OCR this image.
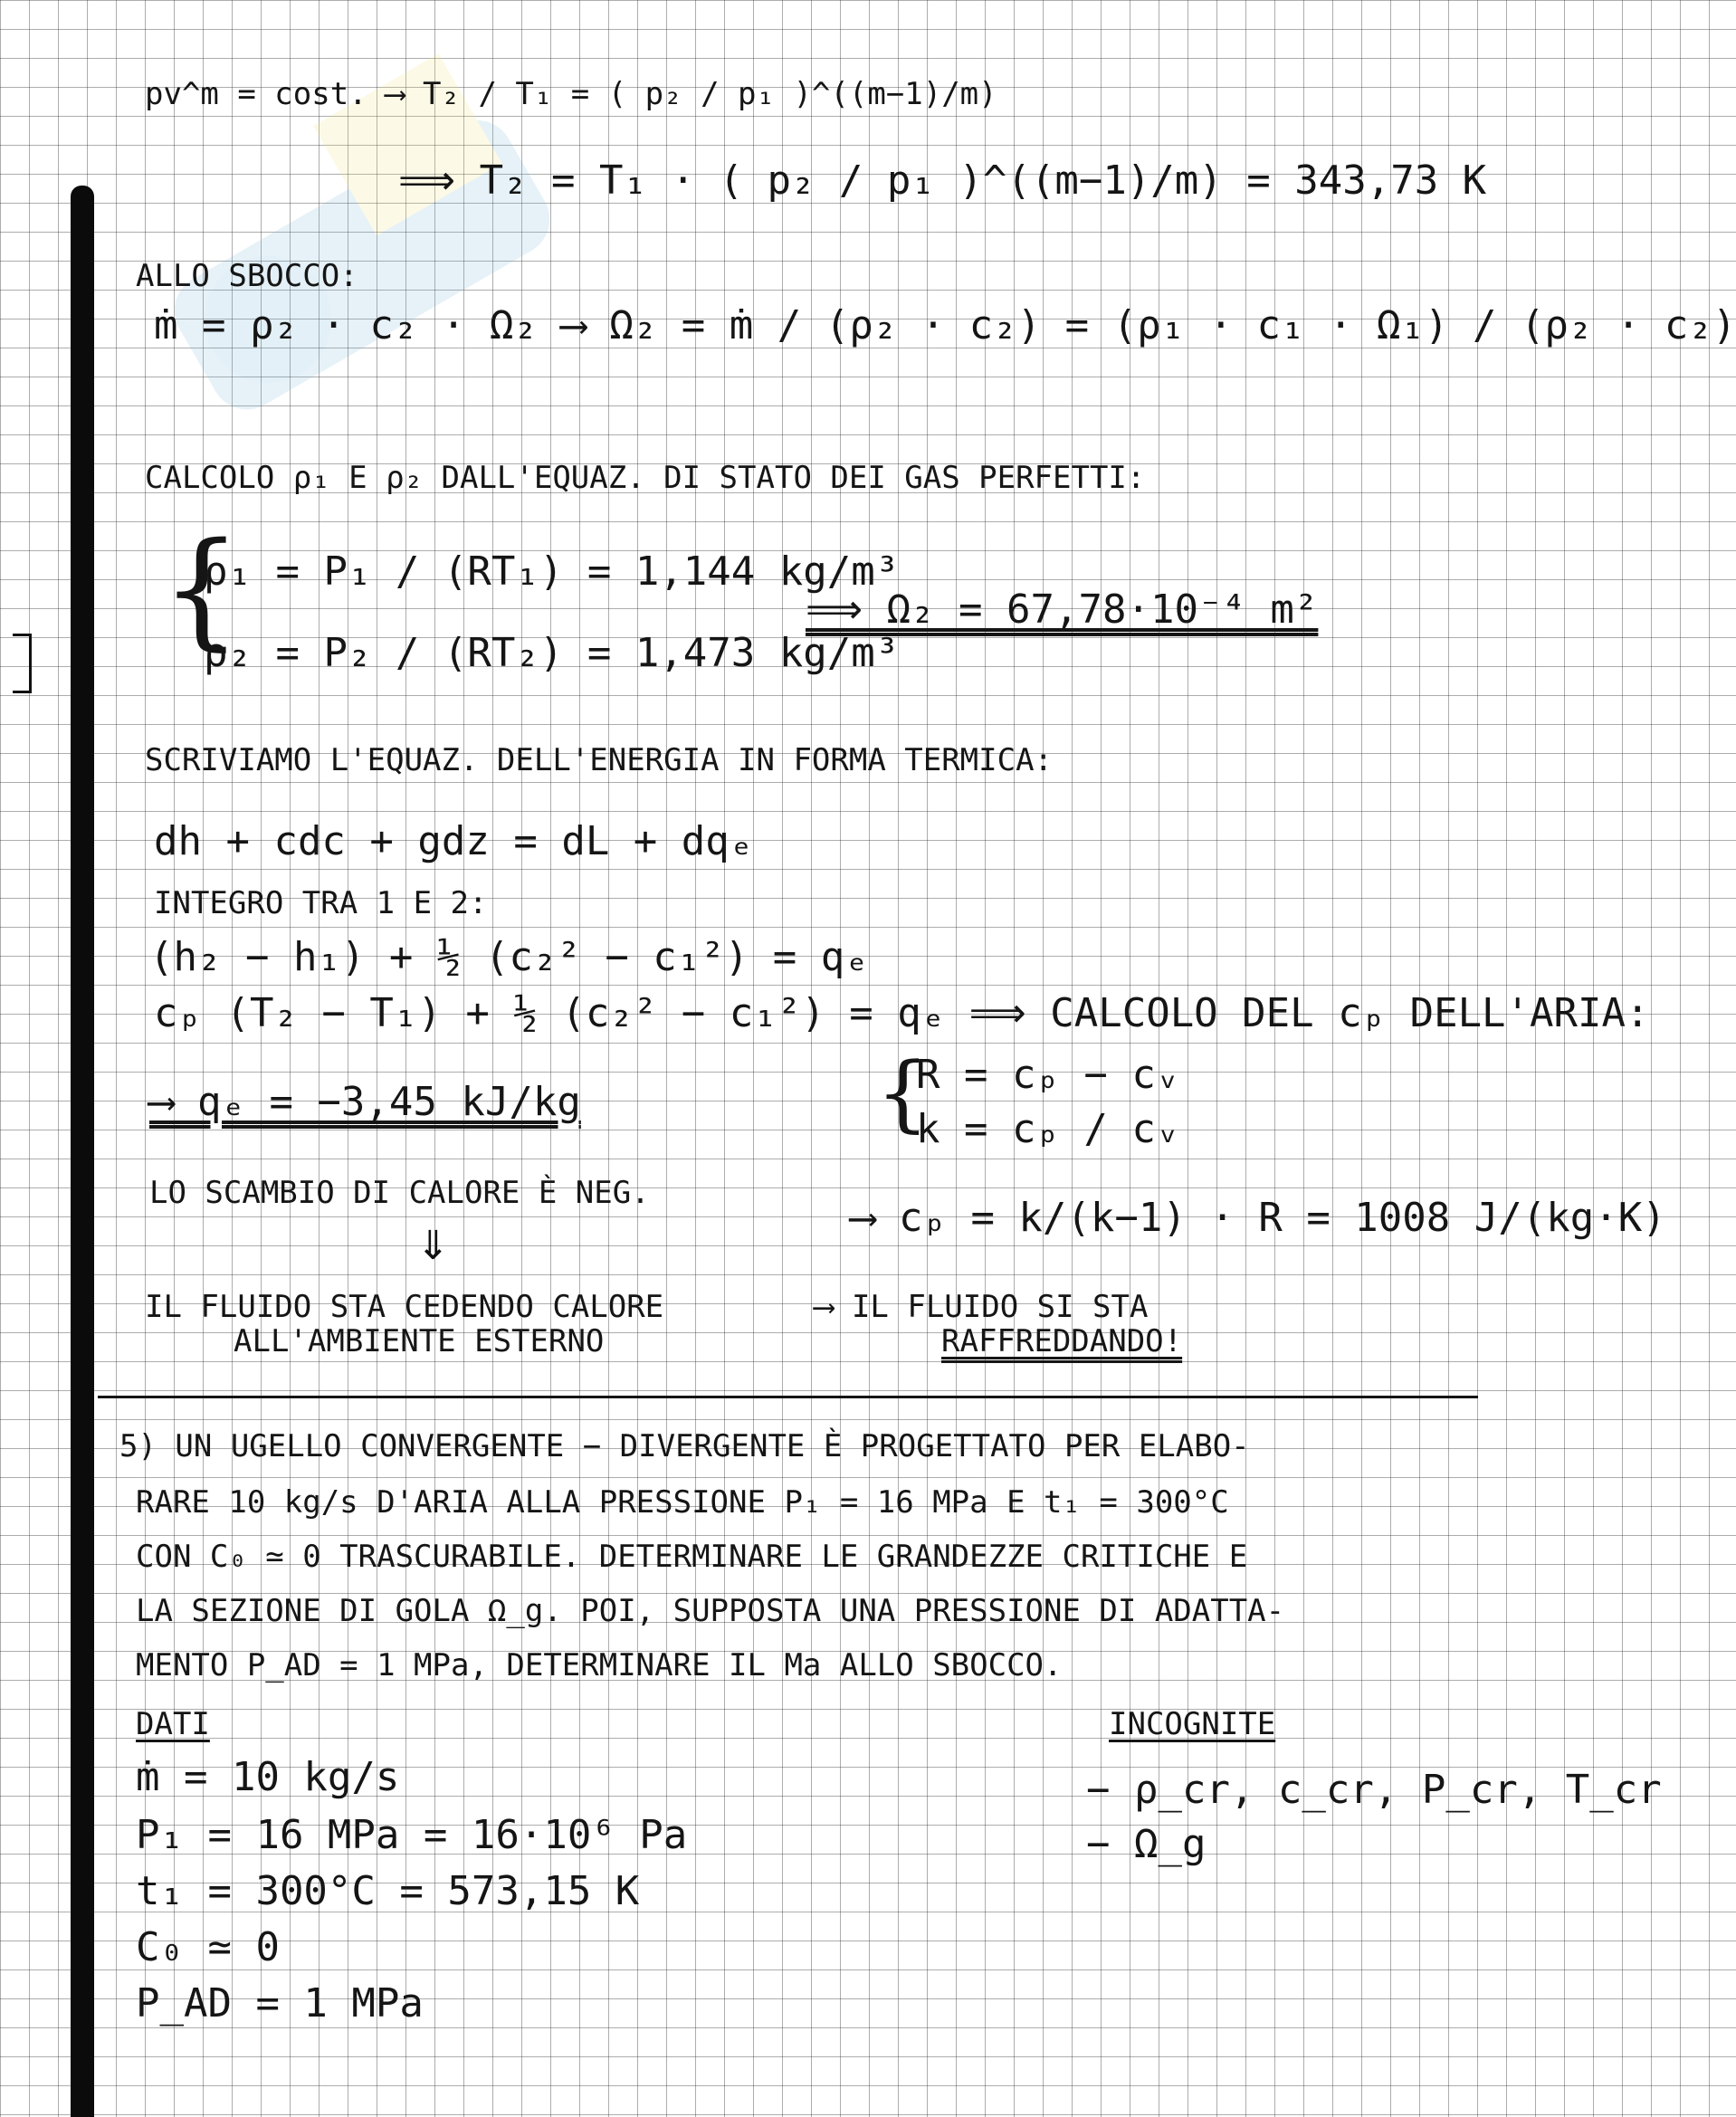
pv^m = cost. ⟶ T₂ / T₁ = ( p₂ / p₁ )^((m−1)/m)

⟹ T₂ = T₁ · ( p₂ / p₁ )^((m−1)/m) = 343,73 K

ALLO SBOCCO:

ṁ = ρ₂ · c₂ · Ω₂ ⟶ Ω₂ = ṁ / (ρ₂ · c₂) = (ρ₁ · c₁ · Ω₁) / (ρ₂ · c₂)

CALCOLO ρ₁ E ρ₂ DALL'EQUAZ. DI STATO DEI GAS PERFETTI:

{

ρ₁ = P₁ / (RT₁) = 1,144 kg/m³

ρ₂ = P₂ / (RT₂) = 1,473 kg/m³

⟹ Ω₂ = 67,78·10⁻⁴ m²

SCRIVIAMO L'EQUAZ. DELL'ENERGIA IN FORMA TERMICA:

dh + cdc + gdz = dL + dqₑ

INTEGRO TRA 1 E 2:

(h₂ − h₁) + ½ (c₂² − c₁²) = qₑ

cₚ (T₂ − T₁) + ½ (c₂² − c₁²) = qₑ ⟹ CALCOLO DEL cₚ DELL'ARIA:

{

R = cₚ − cᵥ

k = cₚ / cᵥ

⟶ qₑ = −3,45 kJ/kg

LO SCAMBIO DI CALORE È NEG.

⇓

⟶ cₚ = k/(k−1) · R = 1008 J/(kg·K)

IL FLUIDO STA CEDENDO CALORE

ALL'AMBIENTE ESTERNO

⟶ IL FLUIDO SI STA

RAFFREDDANDO!

5) UN UGELLO CONVERGENTE − DIVERGENTE È PROGETTATO PER ELABO-

RARE 10 kg/s D'ARIA ALLA PRESSIONE P₁ = 16 MPa E t₁ = 300°C

CON C₀ ≃ 0 TRASCURABILE. DETERMINARE LE GRANDEZZE CRITICHE E

LA SEZIONE DI GOLA Ω_g. POI, SUPPOSTA UNA PRESSIONE DI ADATTA-

MENTO P_AD = 1 MPa, DETERMINARE IL Ma ALLO SBOCCO.

DATI

ṁ = 10 kg/s

P₁ = 16 MPa = 16·10⁶ Pa

t₁ = 300°C = 573,15 K

C₀ ≃ 0

P_AD = 1 MPa

INCOGNITE

− ρ_cr, c_cr, P_cr, T_cr

− Ω_g
